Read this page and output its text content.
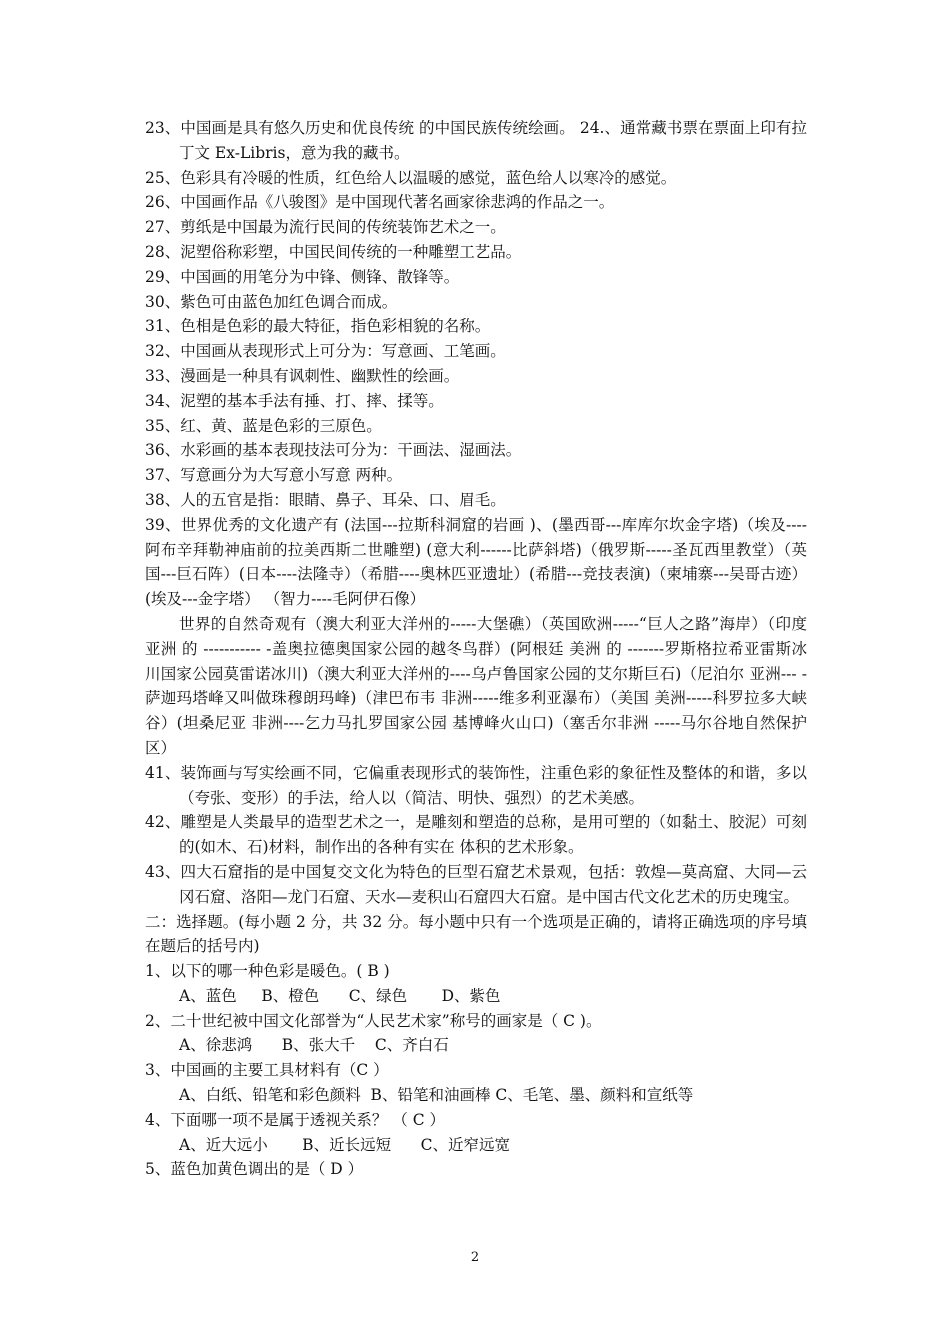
23、中国画是具有悠久历史和优良传统 的中国民族传统绘画。 24.、通常藏书票在票面上印有拉丁文 Ex-Libris，意为我的藏书。

25、色彩具有冷暖的性质，红色给人以温暖的感觉，蓝色给人以寒冷的感觉。

26、中国画作品《八骏图》是中国现代著名画家徐悲鸿的作品之一。

27、剪纸是中国最为流行民间的传统装饰艺术之一。

28、泥塑俗称彩塑，中国民间传统的一种雕塑工艺品。

29、中国画的用笔分为中锋、侧锋、散锋等。

30、紫色可由蓝色加红色调合而成。

31、色相是色彩的最大特征，指色彩相貌的名称。

32、中国画从表现形式上可分为：写意画、工笔画。

33、漫画是一种具有讽刺性、幽默性的绘画。

34、泥塑的基本手法有捶、打、摔、揉等。

35、红、黄、蓝是色彩的三原色。

36、水彩画的基本表现技法可分为：干画法、湿画法。

37、写意画分为大写意小写意 两种。

38、人的五官是指：眼睛、鼻子、耳朵、口、眉毛。

39、世界优秀的文化遗产有 (法国---拉斯科洞窟的岩画 )、(墨西哥---库库尔坎金字塔)（埃及----阿布辛拜勒神庙前的拉美西斯二世雕塑) (意大利------比萨斜塔)（俄罗斯-----圣瓦西里教堂）（英国---巨石阵）(日本----法隆寺）（希腊----奥林匹亚遗址）(希腊---竞技表演)（柬埔寨---吴哥古迹）(埃及---金字塔） （智力----毛阿伊石像）

世界的自然奇观有（澳大利亚大洋州的-----大堡礁）（英国欧洲-----“巨人之路”海岸）（印度 亚洲 的 ----------- -盖奥拉德奥国家公园的越冬鸟群）(阿根廷 美洲 的 -------罗斯格拉希亚雷斯冰川国家公园莫雷诺冰川)（澳大利亚大洋州的----乌卢鲁国家公园的艾尔斯巨石)（尼泊尔 亚洲--- -萨迦玛塔峰又叫做珠穆朗玛峰)（津巴布韦 非洲-----维多利亚瀑布）（美国 美洲-----科罗拉多大峡谷）(坦桑尼亚 非洲----乞力马扎罗国家公园 基博峰火山口)（塞舌尔非洲 -----马尔谷地自然保护区）

41、装饰画与写实绘画不同，它偏重表现形式的装饰性，注重色彩的象征性及整体的和谐，多以（夸张、变形）的手法，给人以（简洁、明快、强烈）的艺术美感。

42、雕塑是人类最早的造型艺术之一，是雕刻和塑造的总称，是用可塑的（如黏土、胶泥）可刻的(如木、石)材料，制作出的各种有实在 体积的艺术形象。

43、四大石窟指的是中国复交文化为特色的巨型石窟艺术景观，包括：敦煌—莫高窟、大同—云冈石窟、洛阳—龙门石窟、天水—麦积山石窟四大石窟。是中国古代文化艺术的历史瑰宝。

二：选择题。(每小题 2 分，共 32 分。每小题中只有一个选项是正确的，请将正确选项的序号填在题后的括号内)

1、以下的哪一种色彩是暖色。( B )

A、蓝色     B、橙色      C、绿色       D、紫色

2、二十世纪被中国文化部誉为“人民艺术家”称号的画家是（ C )。

A、徐悲鸿      B、张大千    C、齐白石

3、中国画的主要工具材料有（C ）

A、白纸、铅笔和彩色颜料  B、铅笔和油画棒 C、毛笔、墨、颜料和宣纸等

4、下面哪一项不是属于透视关系？ （ C ）

A、近大远小       B、近长远短      C、近窄远宽

5、蓝色加黄色调出的是（ D ）

2
